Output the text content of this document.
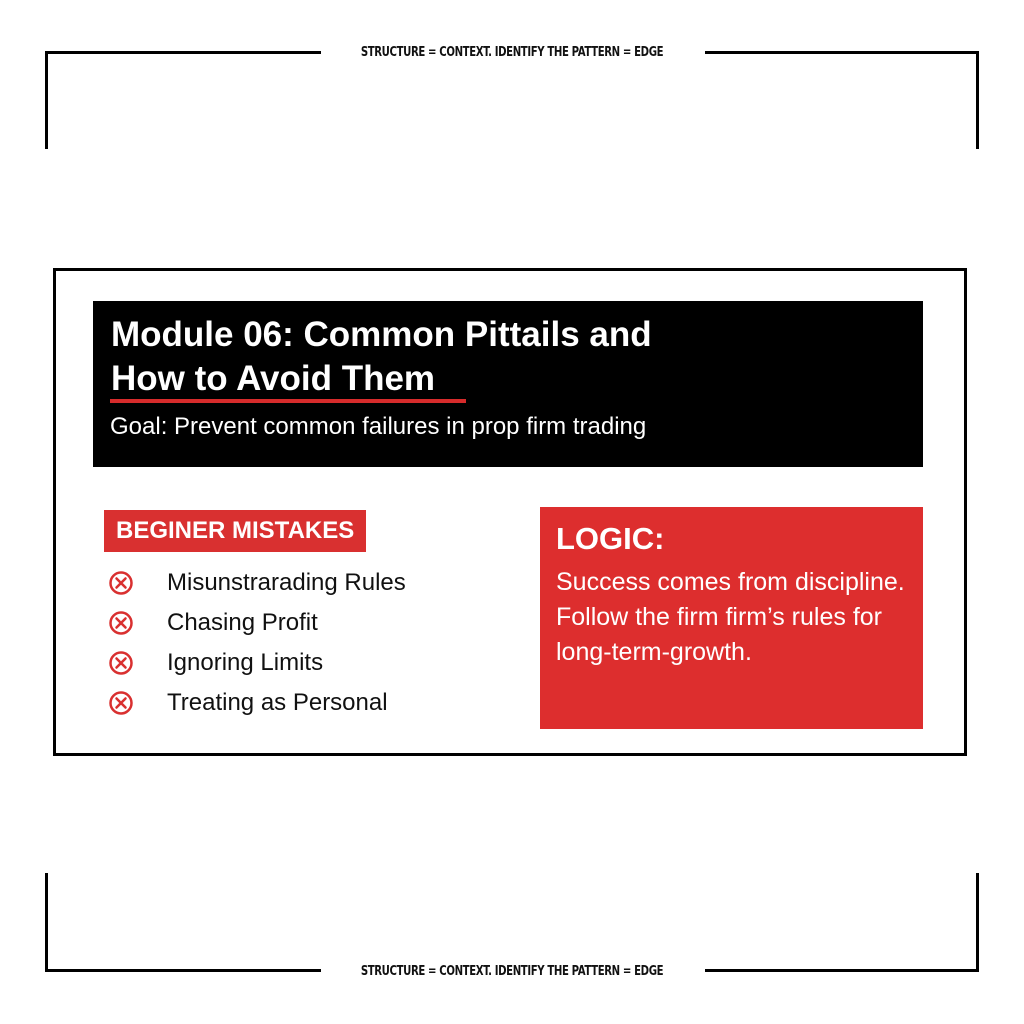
STRUCTURE = CONTEXT. IDENTIFY THE PATTERN = EDGE
STRUCTURE = CONTEXT. IDENTIFY THE PATTERN = EDGE
Module 06: Common Pittails and
How to Avoid Them
Goal: Prevent common failures in prop firm trading
BEGINER MISTAKES
Misunstrarading Rules
Chasing Profit
Ignoring Limits
Treating as Personal
LOGIC:

Success comes from discipline. Follow the firm firm’s rules for long-term-growth.
